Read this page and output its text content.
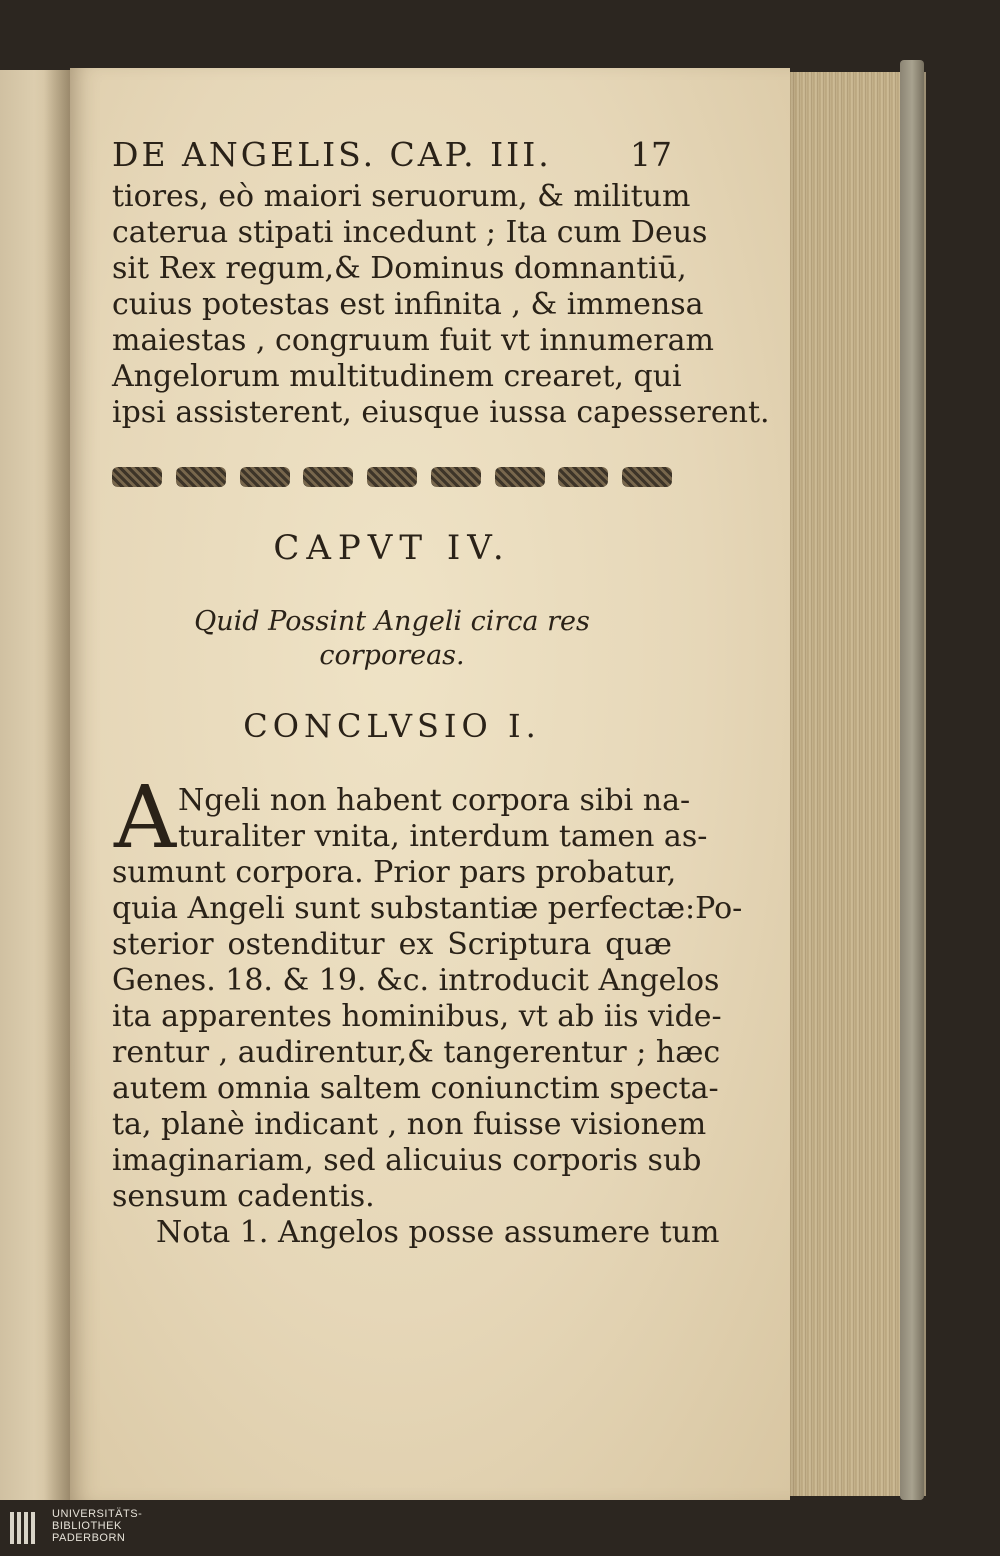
DE ANGELIS. CAP. III. 17
tiores, eò maiori seruorum, & militum
caterua stipati incedunt ; Ita cum Deus
sit Rex regum,& Dominus domnantiū,
cuius potestas est infinita , & immensa
maiestas , congruum fuit vt innumeram
Angelorum multitudinem crearet, qui
ipsi assisterent, eiusque iussa capesserent.
CAPVT IV.
Quid Possint Angeli circa res
corporeas.
CONCLVSIO I.
A Ngeli non habent corpora sibi na-
turaliter vnita, interdum tamen as-
sumunt corpora. Prior pars probatur,
quia Angeli sunt substantiæ perfectæ:Po-
sterior ostenditur ex Scriptura quæ
Genes. 18. & 19. &c. introducit Angelos
ita apparentes hominibus, vt ab iis vide-
rentur , audirentur,& tangerentur ; hæc
autem omnia saltem coniunctim specta-
ta, planè indicant , non fuisse visionem
imaginariam, sed alicuius corporis sub
sensum cadentis.
Nota 1. Angelos posse assumere tum
UNIVERSITÄTS-
BIBLIOTHEK
PADERBORN
